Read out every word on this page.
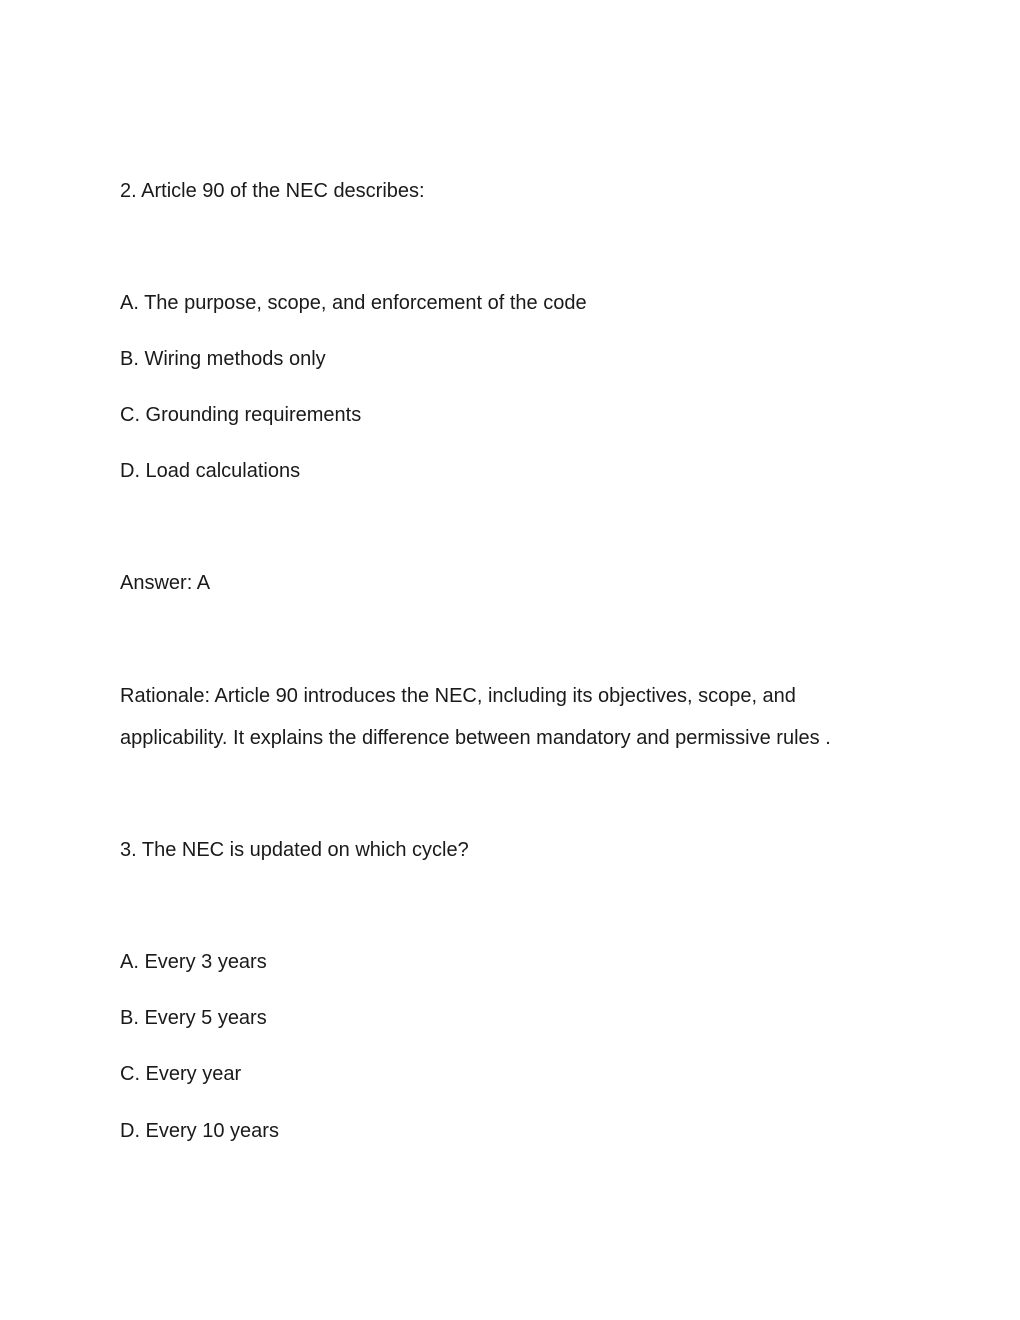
2. Article 90 of the NEC describes:

A. The purpose, scope, and enforcement of the code

B. Wiring methods only

C. Grounding requirements

D. Load calculations

Answer: A

Rationale: Article 90 introduces the NEC, including its objectives, scope, and

applicability. It explains the difference between mandatory and permissive rules .

3. The NEC is updated on which cycle?

A. Every 3 years

B. Every 5 years

C. Every year

D. Every 10 years
